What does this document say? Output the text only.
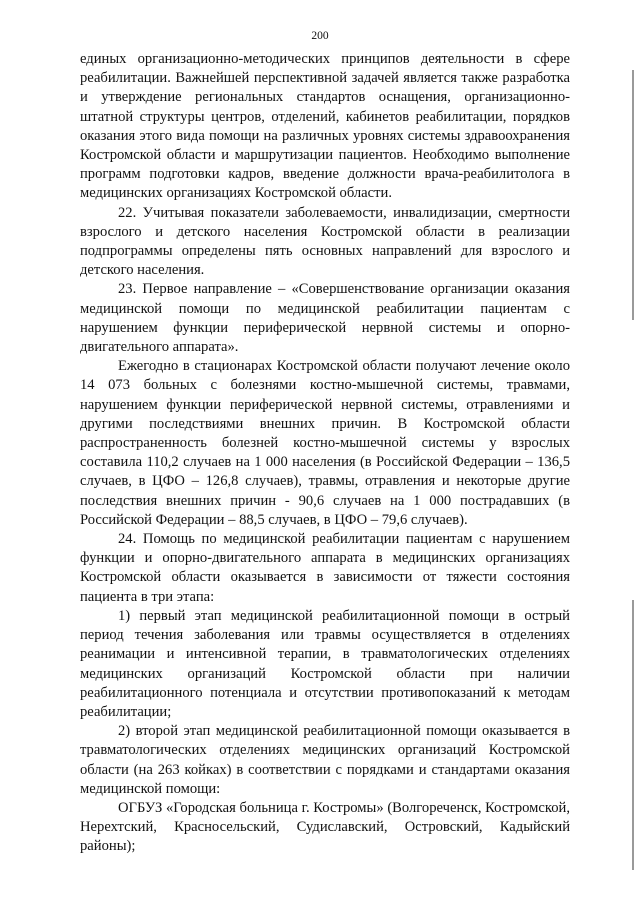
200

единых организационно-методических принципов деятельности в сфере реабилитации. Важнейшей перспективной задачей является также разработка и утверждение региональных стандартов оснащения, организационно-штатной структуры центров, отделений, кабинетов реабилитации, порядков оказания этого вида помощи на различных уровнях системы здравоохранения Костромской области и маршрутизации пациентов. Необходимо выполнение программ подготовки кадров, введение должности врача-реабилитолога в медицинских организациях Костромской области.

22. Учитывая показатели заболеваемости, инвалидизации, смертности взрослого и детского населения Костромской области в реализации подпрограммы определены пять основных направлений для взрослого и детского населения.

23. Первое направление – «Совершенствование организации оказания медицинской помощи по медицинской реабилитации пациентам с нарушением функции периферической нервной системы и опорно-двигательного аппарата».

Ежегодно в стационарах Костромской области получают лечение около 14 073 больных с болезнями костно-мышечной системы, травмами, нарушением функции периферической нервной системы, отравлениями и другими последствиями внешних причин. В Костромской области распространенность болезней костно-мышечной системы у взрослых составила 110,2 случаев на 1 000 населения (в Российской Федерации – 136,5 случаев, в ЦФО – 126,8 случаев), травмы, отравления и некоторые другие последствия внешних причин - 90,6 случаев на 1 000 пострадавших (в Российской Федерации – 88,5 случаев, в ЦФО – 79,6 случаев).

24. Помощь по медицинской реабилитации пациентам с нарушением функции и опорно-двигательного аппарата в медицинских организациях Костромской области оказывается в зависимости от тяжести состояния пациента в три этапа:

1) первый этап медицинской реабилитационной помощи в острый период течения заболевания или травмы осуществляется в отделениях реанимации и интенсивной терапии, в травматологических отделениях медицинских организаций Костромской области при наличии реабилитационного потенциала и отсутствии противопоказаний к методам реабилитации;

2) второй этап медицинской реабилитационной помощи оказывается в травматологических отделениях медицинских организаций Костромской области (на 263 койках) в соответствии с порядками и стандартами оказания медицинской помощи:

ОГБУЗ «Городская больница г. Костромы» (Волгореченск, Костромской, Нерехтский, Красносельский, Судиславский, Островский, Кадыйский районы);
